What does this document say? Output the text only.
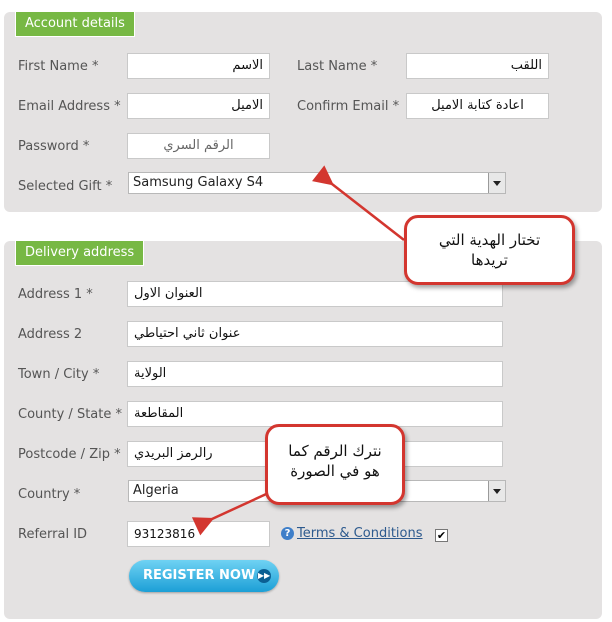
Account details
First Name *	الاسم	Last Name *	اللقب
Email Address *	الاميل	Confirm Email *	اعادة كتابة الاميل
Password *	الرقم السري
Selected Gift *	Samsung Galaxy S4
Delivery address
Address 1 *	العنوان الاول
Address 2	عنوان ثاني احتياطي
Town / City *	الولاية
County / State * المقاطعة
Postcode / Zip *	رالرمز البريدي
Country *	Algeria
Referral ID	93123816	? Terms & Conditions ✔
REGISTER NOW ▶▶
تختار الهدية التي تريدها
نترك الرقم كما هو في الصورة
